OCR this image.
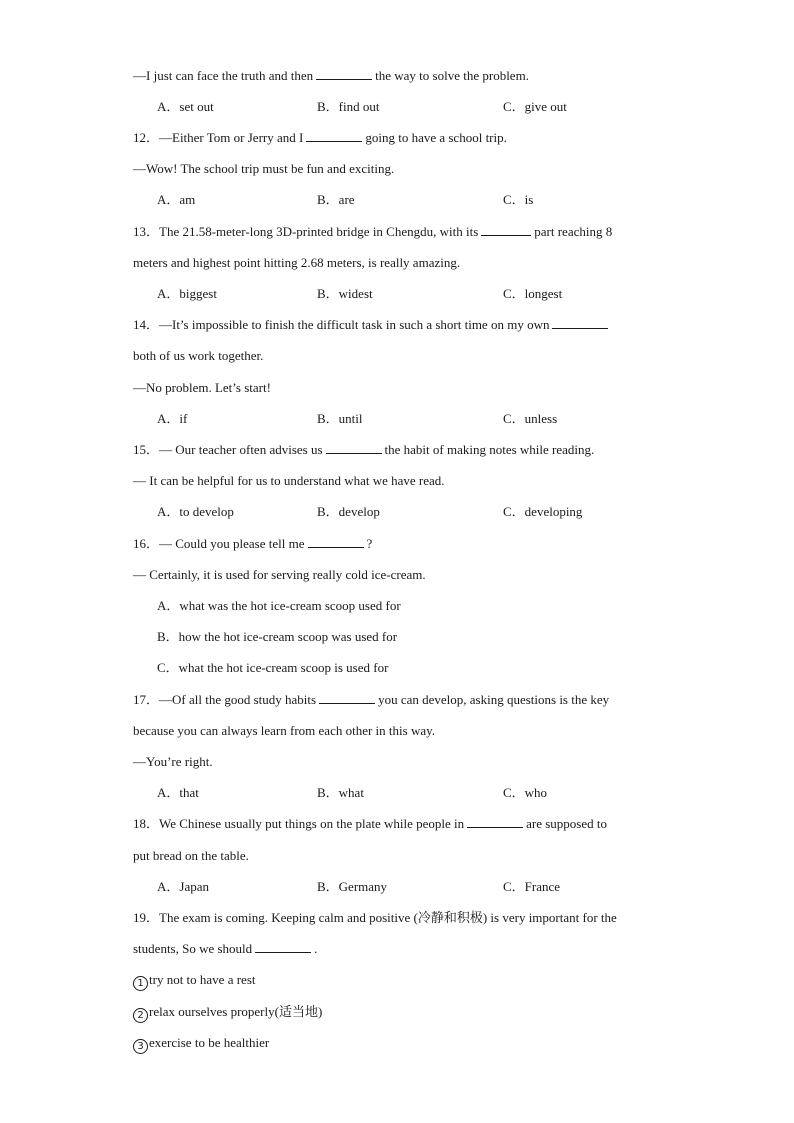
—I just can face the truth and then	the way to solve the problem.
A．set out	B．find out	C．give out
12．—Either Tom or Jerry and I	going to have a school trip.
—Wow! The school trip must be fun and exciting.
A．am	B．are	C．is
13．The 21.58-meter-long 3D-printed bridge in Chengdu, with its	part reaching 8
meters and highest point hitting 2.68 meters, is really amazing.
A．biggest	B．widest	C．longest
14．—It’s impossible to finish the difficult task in such a short time on my own
both of us work together.
—No problem. Let’s start!
A．if	B．until	C．unless
15．— Our teacher often advises us	the habit of making notes while reading.
— It can be helpful for us to understand what we have read.
A．to develop	B．develop	C．developing
16．— Could you please tell me	?
— Certainly, it is used for serving really cold ice-cream.
A．what was the hot ice-cream scoop used for
B．how the hot ice-cream scoop was used for
C．what the hot ice-cream scoop is used for
17．—Of all the good study habits	you can develop, asking questions is the key
because you can always learn from each other in this way.
—You’re right.
A．that	B．what	C．who
18．We Chinese usually put things on the plate while people in	are supposed to
put bread on the table.
A．Japan	B．Germany	C．France
19．The exam is coming. Keeping calm and positive (冷静和积极) is very important for the
students, So we should	.
1 try not to have a rest
2 relax ourselves properly(适当地)
3 exercise to be healthier
